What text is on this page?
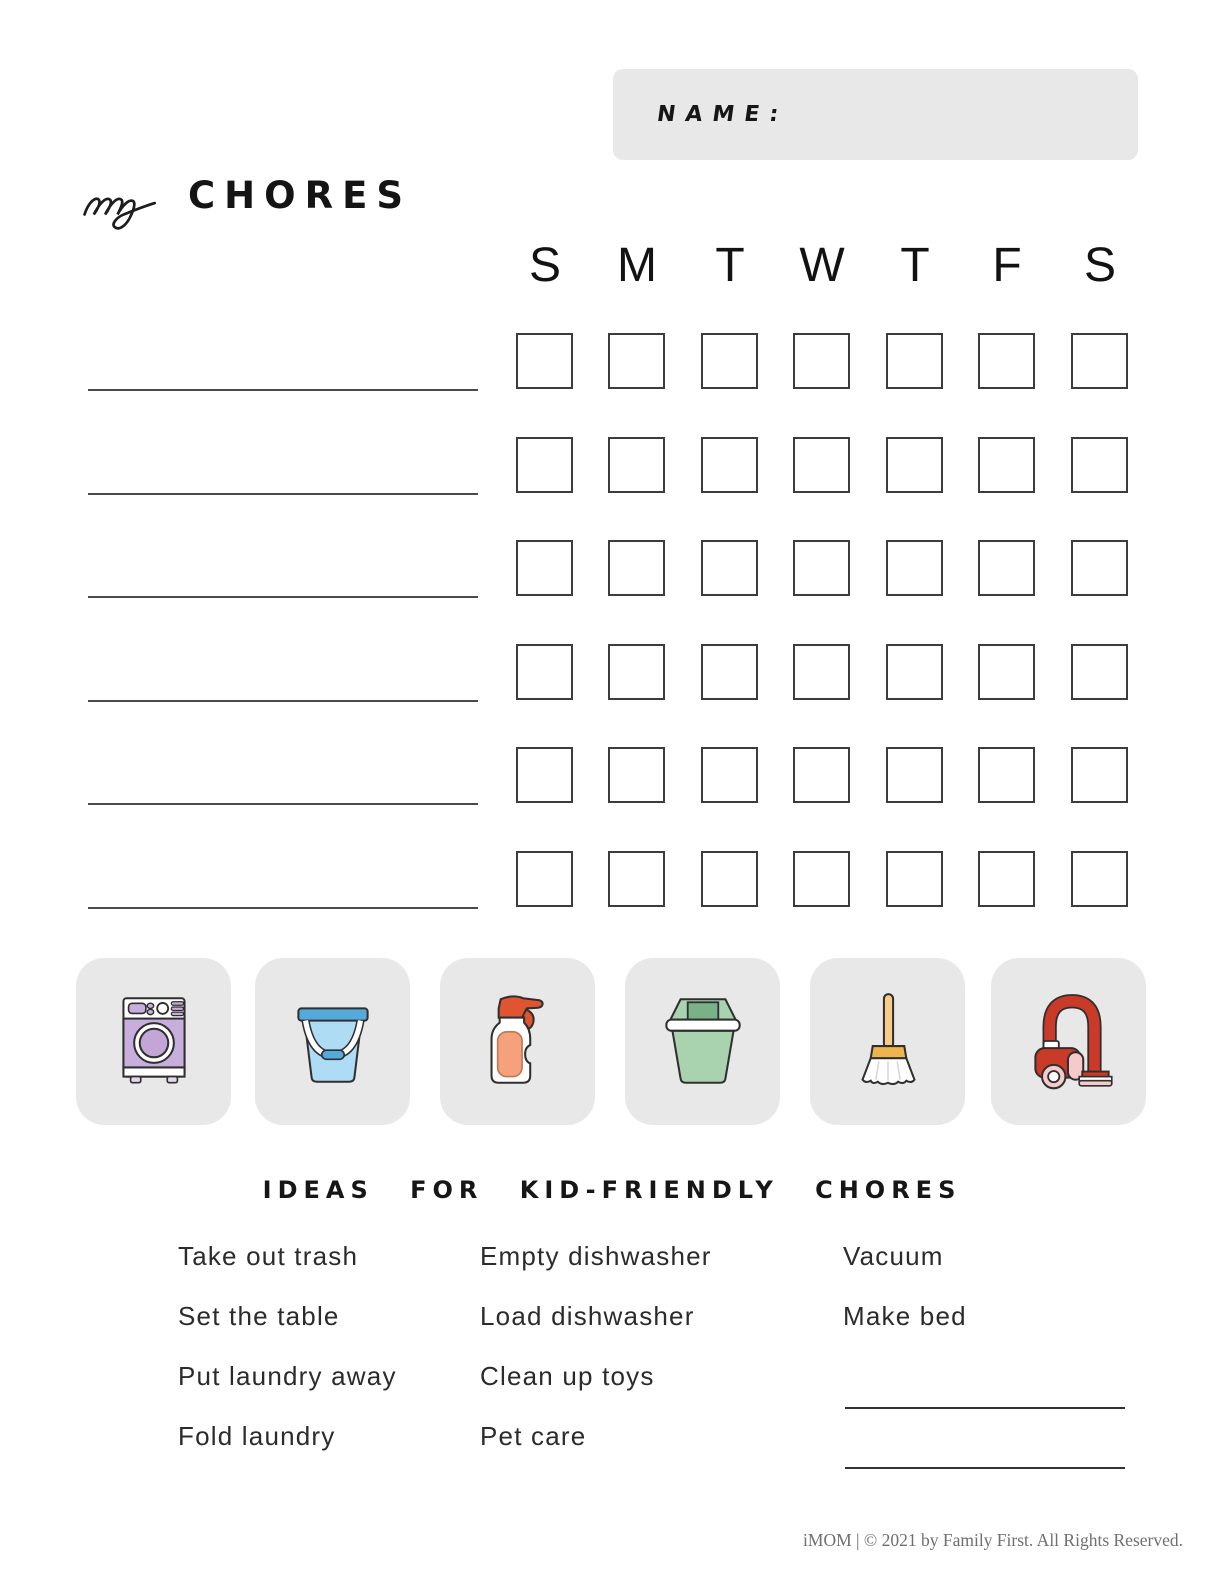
NAME:
CHORES
S M T W T F S
IDEAS FOR KID-FRIENDLY CHORES

Take out trash

Set the table

Put laundry away

Fold laundry

Empty dishwasher

Load dishwasher

Clean up toys

Pet care

Vacuum

Make bed

iMOM | © 2021 by Family First. All Rights Reserved.
